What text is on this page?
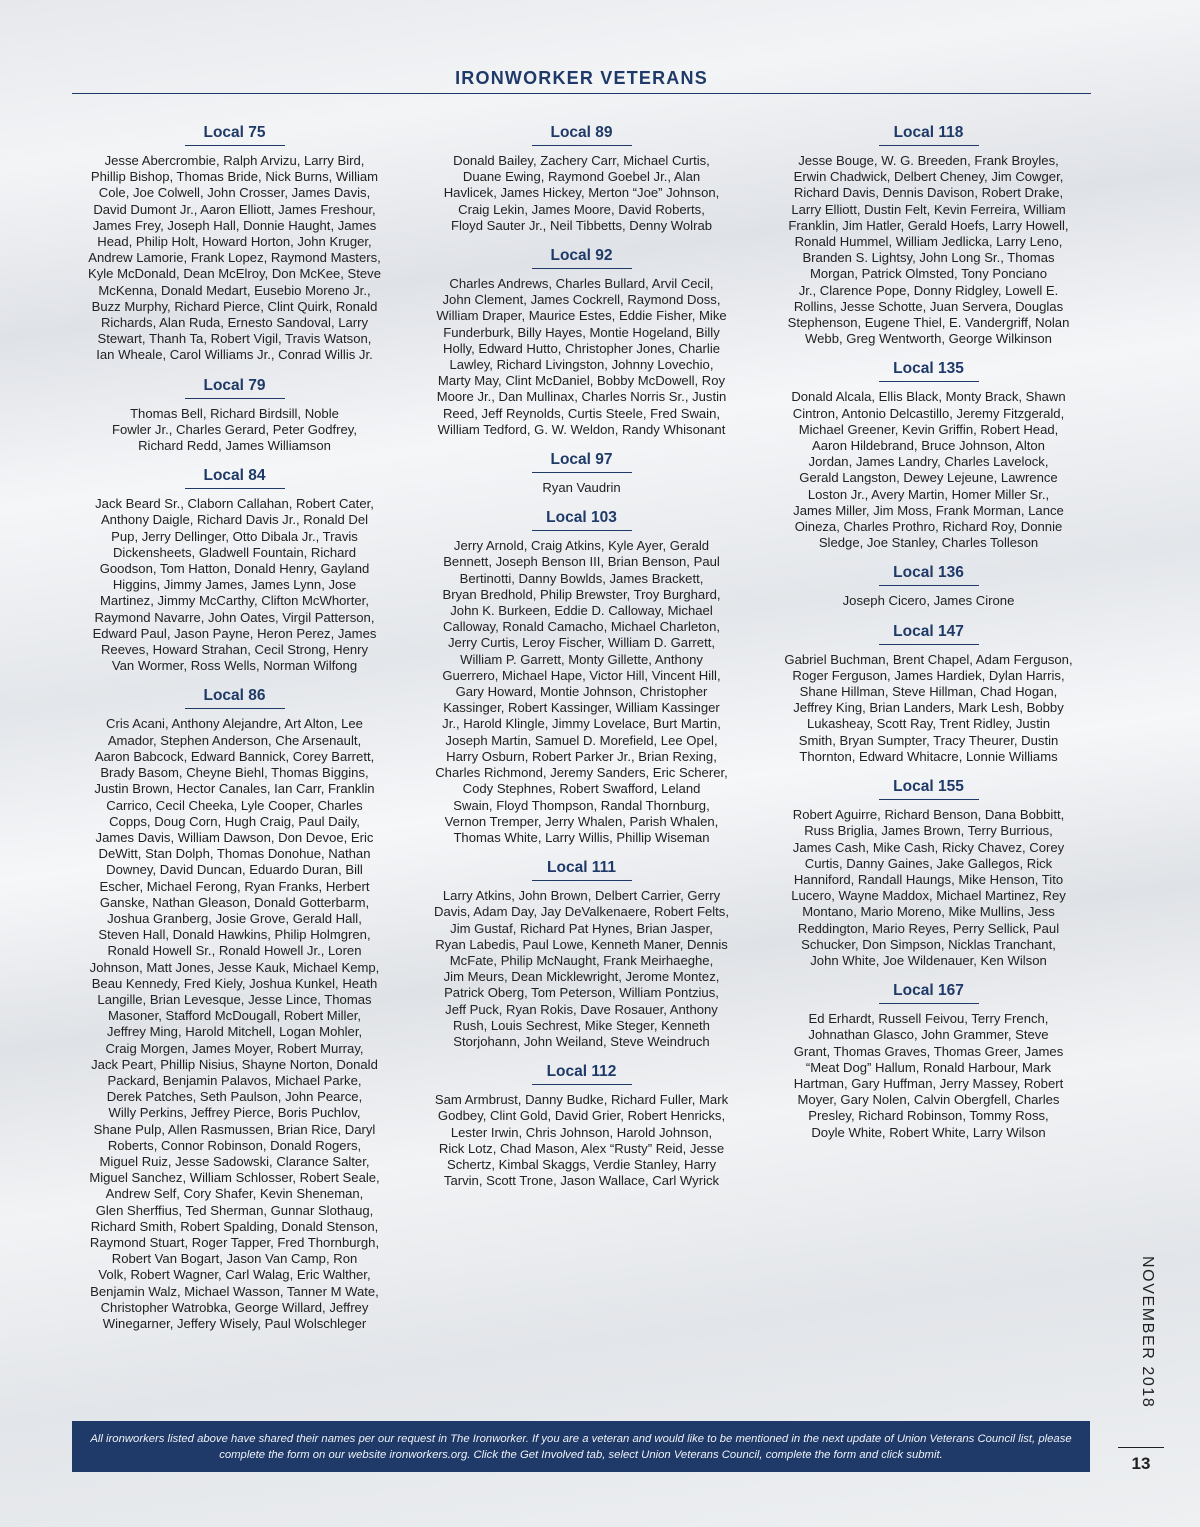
IRONWORKER VETERANS
Local 75
Jesse Abercrombie, Ralph Arvizu, Larry Bird,
Phillip Bishop, Thomas Bride, Nick Burns, William
Cole, Joe Colwell, John Crosser, James Davis,
David Dumont Jr., Aaron Elliott, James Freshour,
James Frey, Joseph Hall, Donnie Haught, James
Head, Philip Holt, Howard Horton, John Kruger,
Andrew Lamorie, Frank Lopez, Raymond Masters,
Kyle McDonald, Dean McElroy, Don McKee, Steve
McKenna, Donald Medart, Eusebio Moreno Jr.,
Buzz Murphy, Richard Pierce, Clint Quirk, Ronald
Richards, Alan Ruda, Ernesto Sandoval, Larry
Stewart, Thanh Ta, Robert Vigil, Travis Watson,
Ian Wheale, Carol Williams Jr., Conrad Willis Jr.
Local 79
Thomas Bell, Richard Birdsill, Noble
Fowler Jr., Charles Gerard, Peter Godfrey,
Richard Redd, James Williamson
Local 84
Jack Beard Sr., Claborn Callahan, Robert Cater,
Anthony Daigle, Richard Davis Jr., Ronald Del
Pup, Jerry Dellinger, Otto Dibala Jr., Travis
Dickensheets, Gladwell Fountain, Richard
Goodson, Tom Hatton, Donald Henry, Gayland
Higgins, Jimmy James, James Lynn, Jose
Martinez, Jimmy McCarthy, Clifton McWhorter,
Raymond Navarre, John Oates, Virgil Patterson,
Edward Paul, Jason Payne, Heron Perez, James
Reeves, Howard Strahan, Cecil Strong, Henry
Van Wormer, Ross Wells, Norman Wilfong
Local 86
Cris Acani, Anthony Alejandre, Art Alton, Lee
Amador, Stephen Anderson, Che Arsenault,
Aaron Babcock, Edward Bannick, Corey Barrett,
Brady Basom, Cheyne Biehl, Thomas Biggins,
Justin Brown, Hector Canales, Ian Carr, Franklin
Carrico, Cecil Cheeka, Lyle Cooper, Charles
Copps, Doug Corn, Hugh Craig, Paul Daily,
James Davis, William Dawson, Don Devoe, Eric
DeWitt, Stan Dolph, Thomas Donohue, Nathan
Downey, David Duncan, Eduardo Duran, Bill
Escher, Michael Ferong, Ryan Franks, Herbert
Ganske, Nathan Gleason, Donald Gotterbarm,
Joshua Granberg, Josie Grove, Gerald Hall,
Steven Hall, Donald Hawkins, Philip Holmgren,
Ronald Howell Sr., Ronald Howell Jr., Loren
Johnson, Matt Jones, Jesse Kauk, Michael Kemp,
Beau Kennedy, Fred Kiely, Joshua Kunkel, Heath
Langille, Brian Levesque, Jesse Lince, Thomas
Masoner, Stafford McDougall, Robert Miller,
Jeffrey Ming, Harold Mitchell, Logan Mohler,
Craig Morgen, James Moyer, Robert Murray,
Jack Peart, Phillip Nisius, Shayne Norton, Donald
Packard, Benjamin Palavos, Michael Parke,
Derek Patches, Seth Paulson, John Pearce,
Willy Perkins, Jeffrey Pierce, Boris Puchlov,
Shane Pulp, Allen Rasmussen, Brian Rice, Daryl
Roberts, Connor Robinson, Donald Rogers,
Miguel Ruiz, Jesse Sadowski, Clarance Salter,
Miguel Sanchez, William Schlosser, Robert Seale,
Andrew Self, Cory Shafer, Kevin Sheneman,
Glen Sherffius, Ted Sherman, Gunnar Slothaug,
Richard Smith, Robert Spalding, Donald Stenson,
Raymond Stuart, Roger Tapper, Fred Thornburgh,
Robert Van Bogart, Jason Van Camp, Ron
Volk, Robert Wagner, Carl Walag, Eric Walther,
Benjamin Walz, Michael Wasson, Tanner M Wate,
Christopher Watrobka, George Willard, Jeffrey
Winegarner, Jeffery Wisely, Paul Wolschleger
Local 89
Donald Bailey, Zachery Carr, Michael Curtis,
Duane Ewing, Raymond Goebel Jr., Alan
Havlicek, James Hickey, Merton “Joe” Johnson,
Craig Lekin, James Moore, David Roberts,
Floyd Sauter Jr., Neil Tibbetts, Denny Wolrab
Local 92
Charles Andrews, Charles Bullard, Arvil Cecil,
John Clement, James Cockrell, Raymond Doss,
William Draper, Maurice Estes, Eddie Fisher, Mike
Funderburk, Billy Hayes, Montie Hogeland, Billy
Holly, Edward Hutto, Christopher Jones, Charlie
Lawley, Richard Livingston, Johnny Lovechio,
Marty May, Clint McDaniel, Bobby McDowell, Roy
Moore Jr., Dan Mullinax, Charles Norris Sr., Justin
Reed, Jeff Reynolds, Curtis Steele, Fred Swain,
William Tedford, G. W. Weldon, Randy Whisonant
Local 97
Ryan Vaudrin
Local 103
Jerry Arnold, Craig Atkins, Kyle Ayer, Gerald
Bennett, Joseph Benson III, Brian Benson, Paul
Bertinotti, Danny Bowlds, James Brackett,
Bryan Bredhold, Philip Brewster, Troy Burghard,
John K. Burkeen, Eddie D. Calloway, Michael
Calloway, Ronald Camacho, Michael Charleton,
Jerry Curtis, Leroy Fischer, William D. Garrett,
William P. Garrett, Monty Gillette, Anthony
Guerrero, Michael Hape, Victor Hill, Vincent Hill,
Gary Howard, Montie Johnson, Christopher
Kassinger, Robert Kassinger, William Kassinger
Jr., Harold Klingle, Jimmy Lovelace, Burt Martin,
Joseph Martin, Samuel D. Morefield, Lee Opel,
Harry Osburn, Robert Parker Jr., Brian Rexing,
Charles Richmond, Jeremy Sanders, Eric Scherer,
Cody Stephnes, Robert Swafford, Leland
Swain, Floyd Thompson, Randal Thornburg,
Vernon Tremper, Jerry Whalen, Parish Whalen,
Thomas White, Larry Willis, Phillip Wiseman
Local 111
Larry Atkins, John Brown, Delbert Carrier, Gerry
Davis, Adam Day, Jay DeValkenaere, Robert Felts,
Jim Gustaf, Richard Pat Hynes, Brian Jasper,
Ryan Labedis, Paul Lowe, Kenneth Maner, Dennis
McFate, Philip McNaught, Frank Meirhaeghe,
Jim Meurs, Dean Micklewright, Jerome Montez,
Patrick Oberg, Tom Peterson, William Pontzius,
Jeff Puck, Ryan Rokis, Dave Rosauer, Anthony
Rush, Louis Sechrest, Mike Steger, Kenneth
Storjohann, John Weiland, Steve Weindruch
Local 112
Sam Armbrust, Danny Budke, Richard Fuller, Mark
Godbey, Clint Gold, David Grier, Robert Henricks,
Lester Irwin, Chris Johnson, Harold Johnson,
Rick Lotz, Chad Mason, Alex “Rusty” Reid, Jesse
Schertz, Kimbal Skaggs, Verdie Stanley, Harry
Tarvin, Scott Trone, Jason Wallace, Carl Wyrick
Local 118
Jesse Bouge, W. G. Breeden, Frank Broyles,
Erwin Chadwick, Delbert Cheney, Jim Cowger,
Richard Davis, Dennis Davison, Robert Drake,
Larry Elliott, Dustin Felt, Kevin Ferreira, William
Franklin, Jim Hatler, Gerald Hoefs, Larry Howell,
Ronald Hummel, William Jedlicka, Larry Leno,
Branden S. Lightsy, John Long Sr., Thomas
Morgan, Patrick Olmsted, Tony Ponciano
Jr., Clarence Pope, Donny Ridgley, Lowell E.
Rollins, Jesse Schotte, Juan Servera, Douglas
Stephenson, Eugene Thiel, E. Vandergriff, Nolan
Webb, Greg Wentworth, George Wilkinson
Local 135
Donald Alcala, Ellis Black, Monty Brack, Shawn
Cintron, Antonio Delcastillo, Jeremy Fitzgerald,
Michael Greener, Kevin Griffin, Robert Head,
Aaron Hildebrand, Bruce Johnson, Alton
Jordan, James Landry, Charles Lavelock,
Gerald Langston, Dewey Lejeune, Lawrence
Loston Jr., Avery Martin, Homer Miller Sr.,
James Miller, Jim Moss, Frank Morman, Lance
Oineza, Charles Prothro, Richard Roy, Donnie
Sledge, Joe Stanley, Charles Tolleson
Local 136
Joseph Cicero, James Cirone
Local 147
Gabriel Buchman, Brent Chapel, Adam Ferguson,
Roger Ferguson, James Hardiek, Dylan Harris,
Shane Hillman, Steve Hillman, Chad Hogan,
Jeffrey King, Brian Landers, Mark Lesh, Bobby
Lukasheay, Scott Ray, Trent Ridley, Justin
Smith, Bryan Sumpter, Tracy Theurer, Dustin
Thornton, Edward Whitacre, Lonnie Williams
Local 155
Robert Aguirre, Richard Benson, Dana Bobbitt,
Russ Briglia, James Brown, Terry Burrious,
James Cash, Mike Cash, Ricky Chavez, Corey
Curtis, Danny Gaines, Jake Gallegos, Rick
Hanniford, Randall Haungs, Mike Henson, Tito
Lucero, Wayne Maddox, Michael Martinez, Rey
Montano, Mario Moreno, Mike Mullins, Jess
Reddington, Mario Reyes, Perry Sellick, Paul
Schucker, Don Simpson, Nicklas Tranchant,
John White, Joe Wildenauer, Ken Wilson
Local 167
Ed Erhardt, Russell Feivou, Terry French,
Johnathan Glasco, John Grammer, Steve
Grant, Thomas Graves, Thomas Greer, James
“Meat Dog” Hallum, Ronald Harbour, Mark
Hartman, Gary Huffman, Jerry Massey, Robert
Moyer, Gary Nolen, Calvin Obergfell, Charles
Presley, Richard Robinson, Tommy Ross,
Doyle White, Robert White, Larry Wilson
NOVEMBER 2018
13
All ironworkers listed above have shared their names per our request in The Ironworker. If you are a veteran and would like to be mentioned in the next update of Union Veterans Council list, please complete the form on our website ironworkers.org. Click the Get Involved tab, select Union Veterans Council, complete the form and click submit.
